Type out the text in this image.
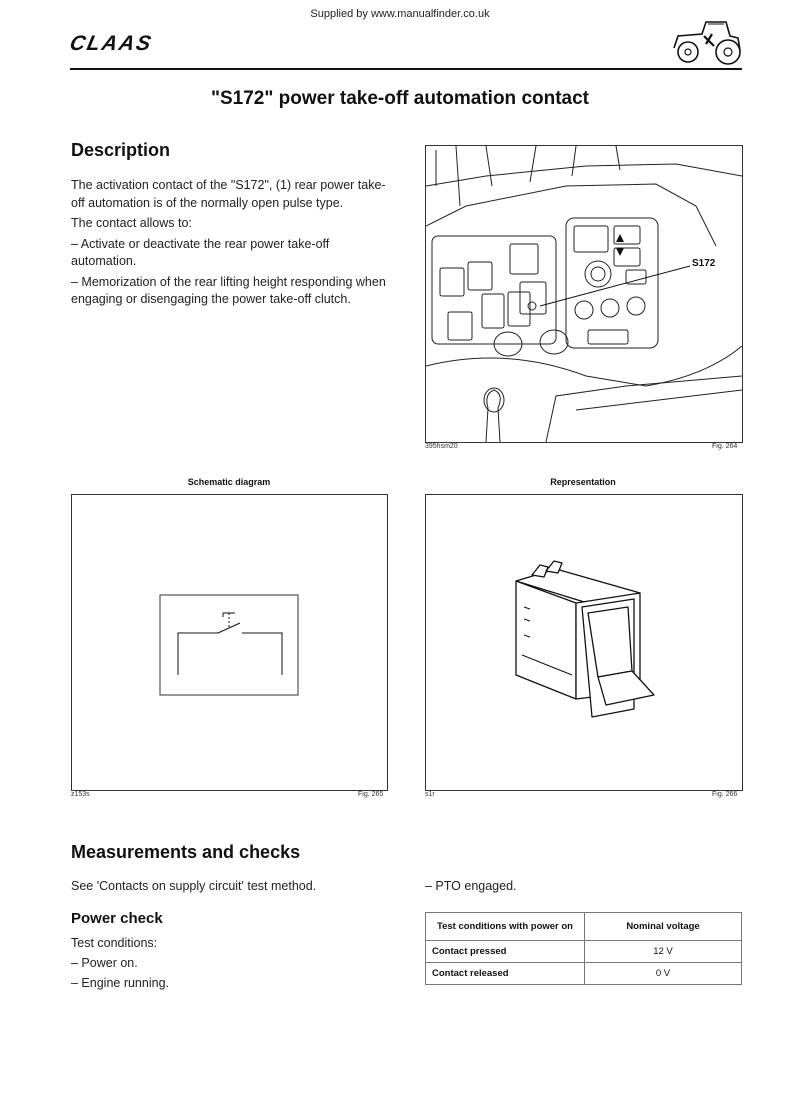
Supplied by www.manualfinder.co.uk
CLAAS
"S172" power take-off automation contact
Description

The activation contact of the "S172", (1) rear power take-off automation is of the normally open pulse type.

The contact allows to:

– Activate or deactivate the rear power take-off automation.

– Memorization of the rear lifting height responding when engaging or disengaging the power take-off clutch.

S172
395hsm20	Fig. 264
Schematic diagram
z153s	Fig. 265
Representation
s1r	Fig. 266
Measurements and checks
See 'Contacts on supply circuit' test method.	– PTO engaged.
Power check
Test conditions:
– Power on.
– Engine running.
Test conditions with power on	Nominal voltage
Contact pressed	12 V
Contact released	0 V
